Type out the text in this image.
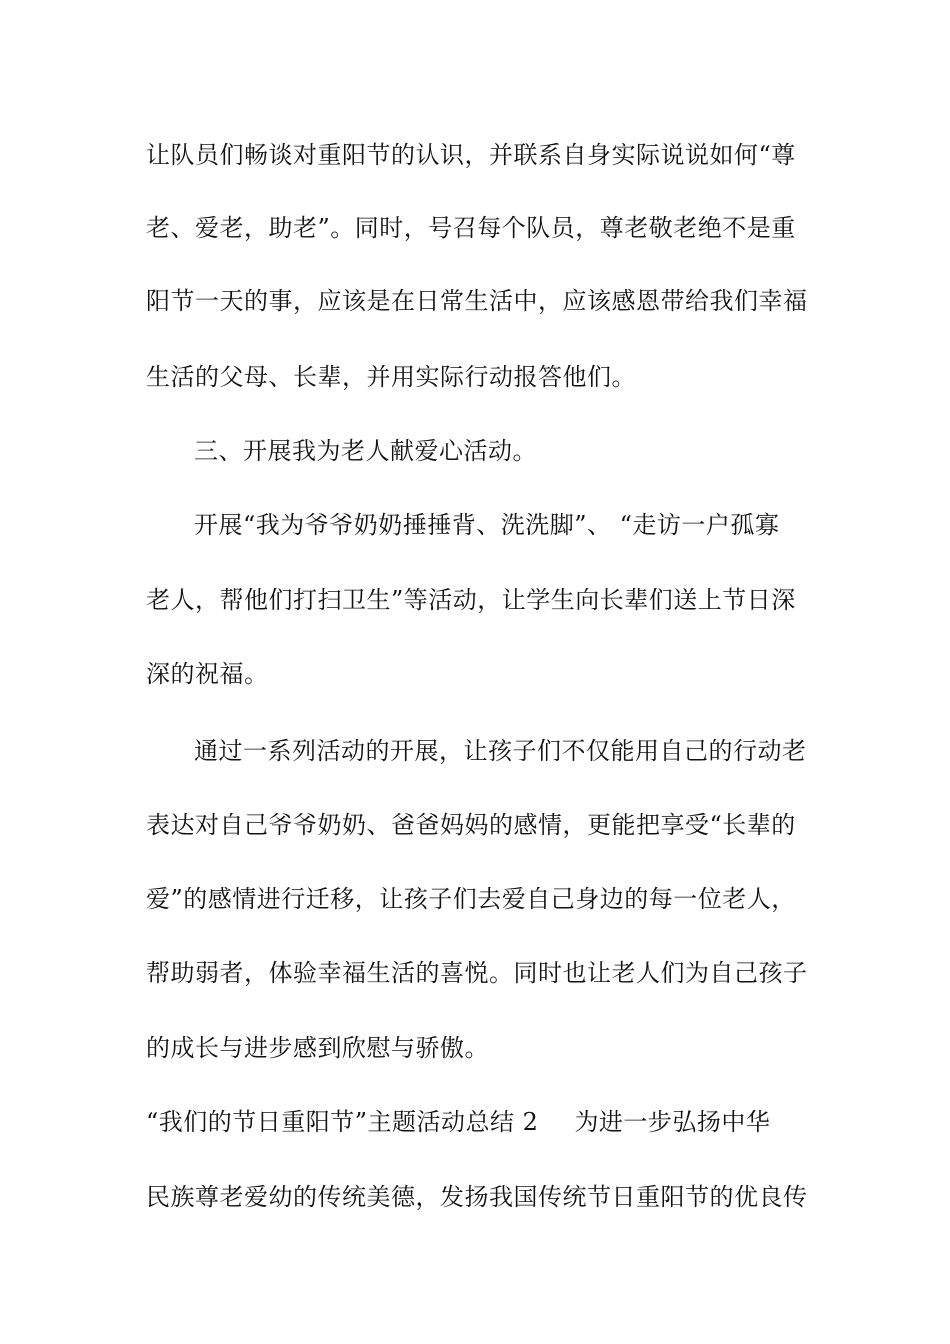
让队员们畅谈对重阳节的认识，并联系自身实际说说如何“尊
老、爱老，助老”。同时，号召每个队员，尊老敬老绝不是重
阳节一天的事，应该是在日常生活中，应该感恩带给我们幸福
生活的父母、长辈，并用实际行动报答他们。
三、开展我为老人献爱心活动。
开展“我为爷爷奶奶捶捶背、洗洗脚”、 “走访一户孤寡
老人，帮他们打扫卫生”等活动，让学生向长辈们送上节日深
深的祝福。
通过一系列活动的开展，让孩子们不仅能用自己的行动老
表达对自己爷爷奶奶、爸爸妈妈的感情，更能把享受“长辈的
爱”的感情进行迁移，让孩子们去爱自己身边的每一位老人，
帮助弱者，体验幸福生活的喜悦。同时也让老人们为自己孩子
的成长与进步感到欣慰与骄傲。
“我们的节日重阳节”主题活动总结 2 为进一步弘扬中华
民族尊老爱幼的传统美德，发扬我国传统节日重阳节的优良传
